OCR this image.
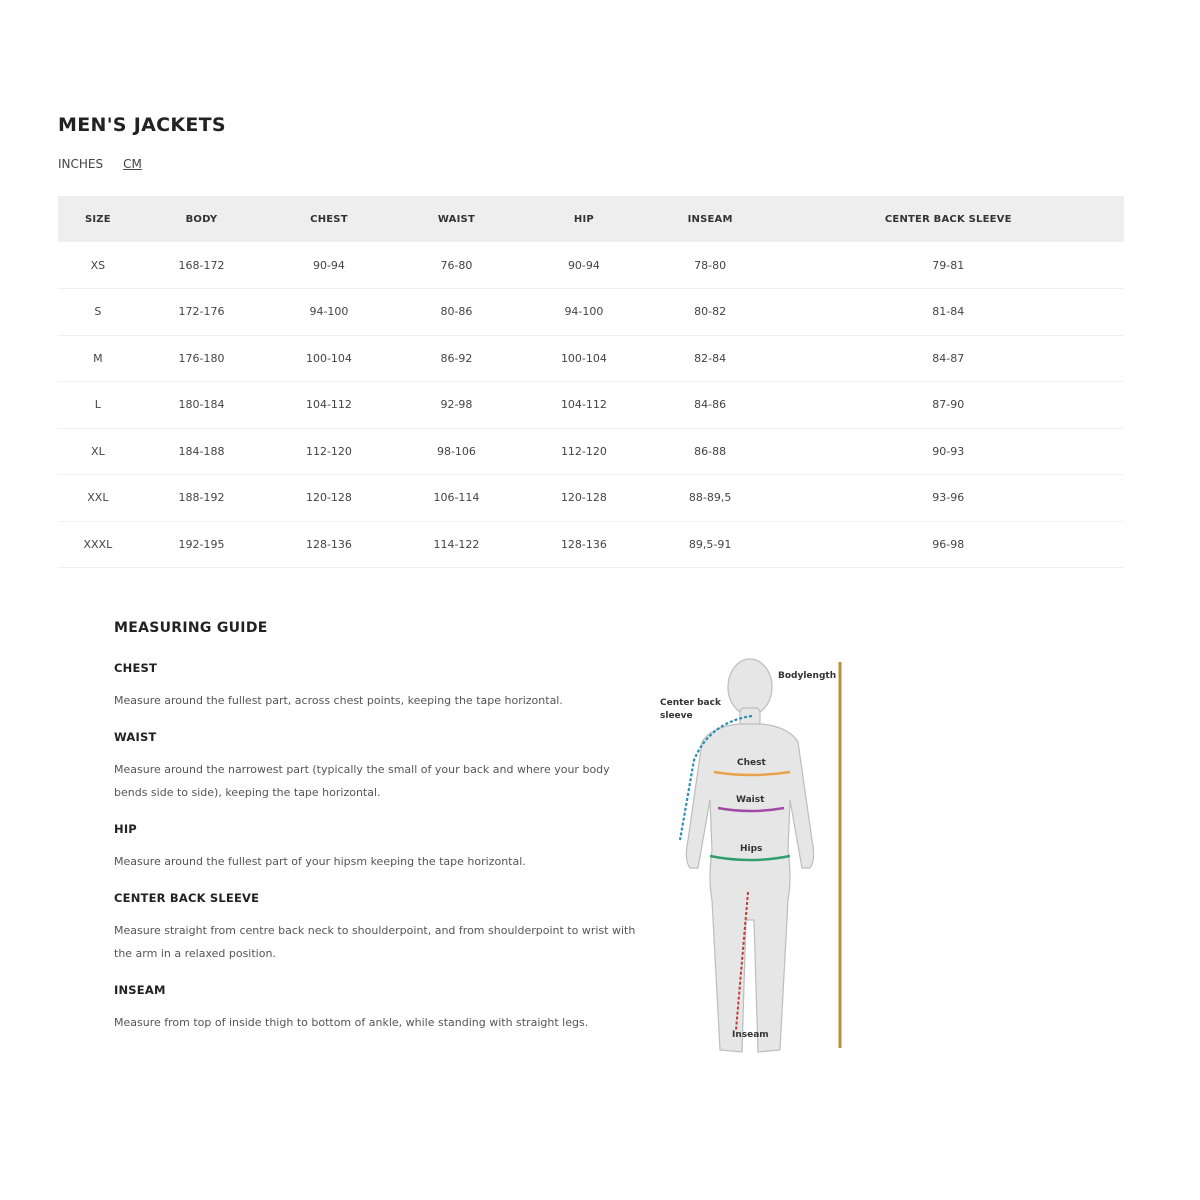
MEN'S JACKETS
INCHES CM
SIZE	BODY	CHEST	WAIST	HIP	INSEAM	CENTER BACK SLEEVE
XS	168-172	90-94	76-80	90-94	78-80	79-81
S	172-176	94-100	80-86	94-100	80-82	81-84
M	176-180	100-104	86-92	100-104	82-84	84-87
L	180-184	104-112	92-98	104-112	84-86	87-90
XL	184-188	112-120	98-106	112-120	86-88	90-93
XXL	188-192	120-128	106-114	120-128	88-89,5	93-96
XXXL	192-195	128-136	114-122	128-136	89,5-91	96-98
MEASURING GUIDE
CHEST

Measure around the fullest part, across chest points, keeping the tape horizontal.

WAIST

Measure around the narrowest part (typically the small of your back and where your body bends side to side), keeping the tape horizontal.

HIP

Measure around the fullest part of your hipsm keeping the tape horizontal.

CENTER BACK SLEEVE

Measure straight from centre back neck to shoulderpoint, and from shoulderpoint to wrist with the arm in a relaxed position.

INSEAM

Measure from top of inside thigh to bottom of ankle, while standing with straight legs.

Bodylength
Center back
sleeve
Chest
Waist
Hips
Inseam
